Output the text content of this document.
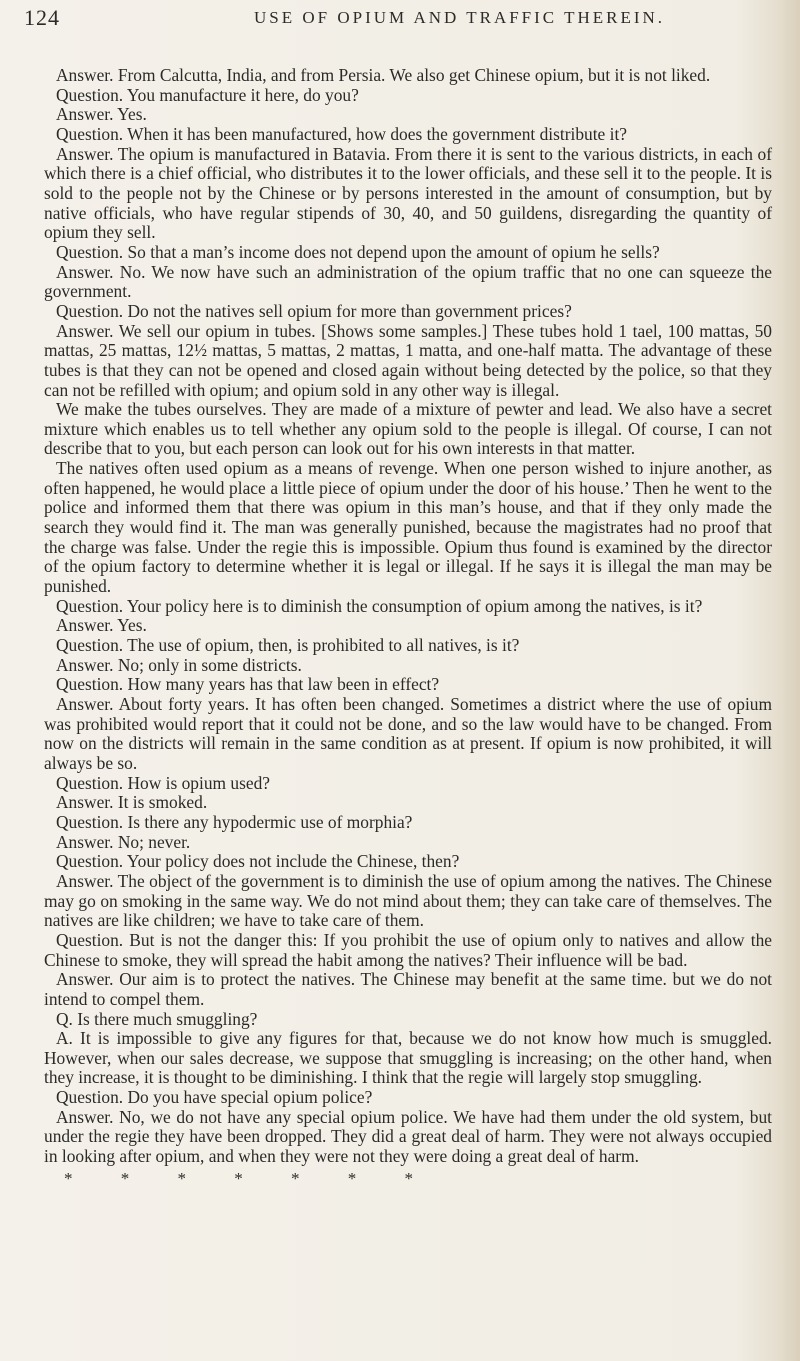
124	USE OF OPIUM AND TRAFFIC THEREIN.

Answer. From Calcutta, India, and from Persia. We also get Chinese opium, but it is not liked.

Question. You manufacture it here, do you?

Answer. Yes.

Question. When it has been manufactured, how does the government distribute it?

Answer. The opium is manufactured in Batavia. From there it is sent to the various districts, in each of which there is a chief official, who distributes it to the lower officials, and these sell it to the people. It is sold to the people not by the Chinese or by persons interested in the amount of consumption, but by native officials, who have regular stipends of 30, 40, and 50 guildens, disregarding the quantity of opium they sell.

Question. So that a man’s income does not depend upon the amount of opium he sells?

Answer. No. We now have such an administration of the opium traffic that no one can squeeze the government.

Question. Do not the natives sell opium for more than government prices?

Answer. We sell our opium in tubes. [Shows some samples.] These tubes hold 1 tael, 100 mattas, 50 mattas, 25 mattas, 12½ mattas, 5 mattas, 2 mattas, 1 matta, and one-half matta. The advantage of these tubes is that they can not be opened and closed again without being detected by the police, so that they can not be refilled with opium; and opium sold in any other way is illegal.

We make the tubes ourselves. They are made of a mixture of pewter and lead. We also have a secret mixture which enables us to tell whether any opium sold to the people is illegal. Of course, I can not describe that to you, but each person can look out for his own interests in that matter.

The natives often used opium as a means of revenge. When one person wished to injure another, as often happened, he would place a little piece of opium under the door of his house.’ Then he went to the police and informed them that there was opium in this man’s house, and that if they only made the search they would find it. The man was generally punished, because the magistrates had no proof that the charge was false. Under the regie this is impossible. Opium thus found is examined by the director of the opium factory to determine whether it is legal or illegal. If he says it is illegal the man may be punished.

Question. Your policy here is to diminish the consumption of opium among the natives, is it?

Answer. Yes.

Question. The use of opium, then, is prohibited to all natives, is it?

Answer. No; only in some districts.

Question. How many years has that law been in effect?

Answer. About forty years. It has often been changed. Sometimes a district where the use of opium was prohibited would report that it could not be done, and so the law would have to be changed. From now on the districts will remain in the same condition as at present. If opium is now prohibited, it will always be so.

Question. How is opium used?

Answer. It is smoked.

Question. Is there any hypodermic use of morphia?

Answer. No; never.

Question. Your policy does not include the Chinese, then?

Answer. The object of the government is to diminish the use of opium among the natives. The Chinese may go on smoking in the same way. We do not mind about them; they can take care of themselves. The natives are like children; we have to take care of them.

Question. But is not the danger this: If you prohibit the use of opium only to natives and allow the Chinese to smoke, they will spread the habit among the natives? Their influence will be bad.

Answer. Our aim is to protect the natives. The Chinese may benefit at the same time. but we do not intend to compel them.

Q. Is there much smuggling?

A. It is impossible to give any figures for that, because we do not know how much is smuggled. However, when our sales decrease, we suppose that smuggling is increasing; on the other hand, when they increase, it is thought to be diminishing. I think that the regie will largely stop smuggling.

Question. Do you have special opium police?

Answer. No, we do not have any special opium police. We have had them under the old system, but under the regie they have been dropped. They did a great deal of harm. They were not always occupied in looking after opium, and when they were not they were doing a great deal of harm.

* * * * * * *
